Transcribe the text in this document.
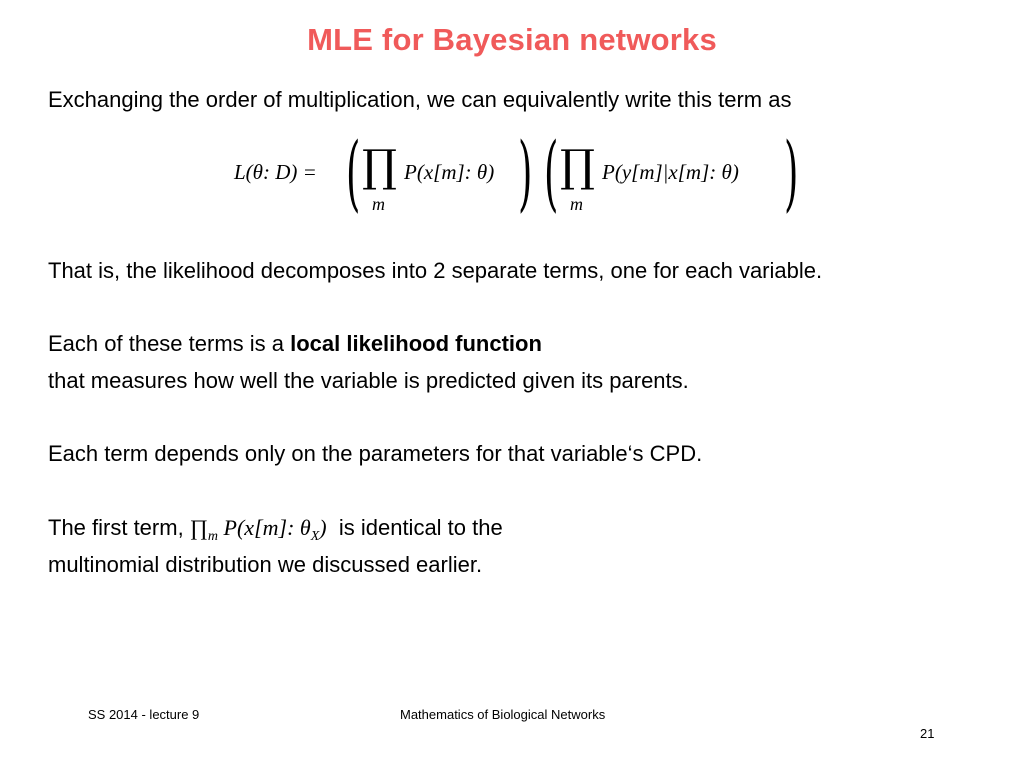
MLE for Bayesian networks
Exchanging the order of multiplication, we can equivalently write this term as
L(θ: D) = ( ∏
m
P(x[m]: θ) ) ( ∏
m
P(y[m]|x[m]: θ) )
That is, the likelihood decomposes into 2 separate terms, one for each variable.
Each of these terms is a local likelihood function
that measures how well the variable is predicted given its parents.
Each term depends only on the parameters for that variable‘s CPD.
The first term, $\prod_m$ P(x[m]: $\theta_X$)  is identical to the
multinomial distribution we discussed earlier.
SS 2014 - lecture 9	Mathematics of Biological Networks
21
